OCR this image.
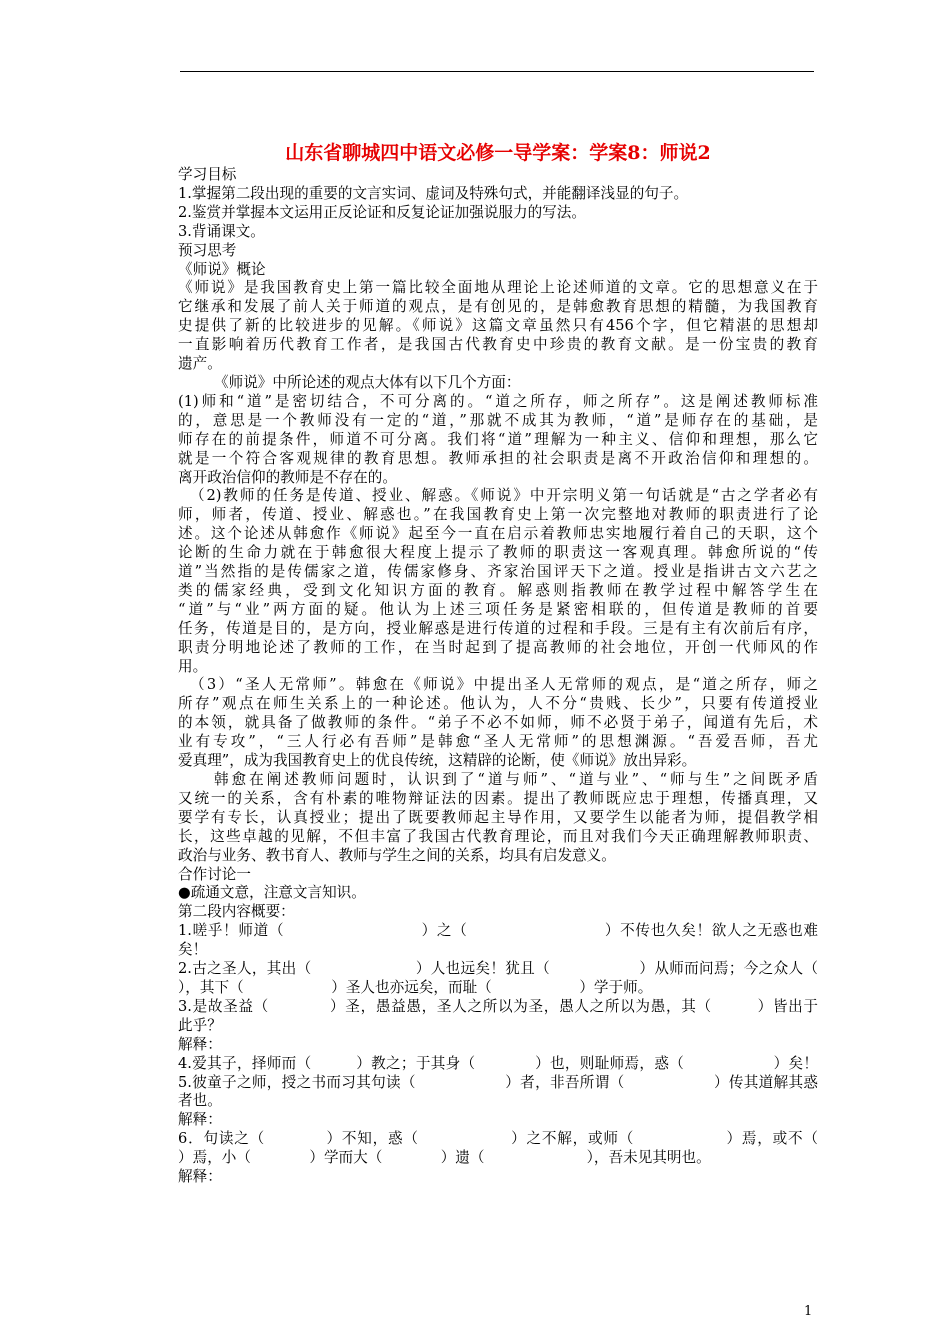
山东省聊城四中语文必修一导学案：学案8：师说2
学习目标
1.掌握第二段出现的重要的文言实词、虚词及特殊句式，并能翻译浅显的句子。
2.鉴赏并掌握本文运用正反论证和反复论证加强说服力的写法。
3.背诵课文。
预习思考
《师说》概论
《师说》是我国教育史上第一篇比较全面地从理论上论述师道的文章。它的思想意义在于
它继承和发展了前人关于师道的观点，是有创见的，是韩愈教育思想的精髓，为我国教育
史提供了新的比较进步的见解。《师说》这篇文章虽然只有456个字，但它精湛的思想却
一直影响着历代教育工作者，是我国古代教育史中珍贵的教育文献。是一份宝贵的教育
遗产。
《师说》中所论述的观点大体有以下几个方面：
(1)师和“道”是密切结合，不可分离的。“道之所存，师之所存”。这是阐述教师标准
的，意思是一个教师没有一定的“道，”那就不成其为教师，“道”是师存在的基础，是
师存在的前提条件，师道不可分离。我们将“道”理解为一种主义、信仰和理想，那么它
就是一个符合客观规律的教育思想。教师承担的社会职责是离不开政治信仰和理想的。
离开政治信仰的教师是不存在的。
（2)教师的任务是传道、授业、解惑。《师说》中开宗明义第一句话就是“古之学者必有
师，师者，传道、授业、解惑也。”在我国教育史上第一次完整地对教师的职责进行了论
述。这个论述从韩愈作《师说》起至今一直在启示着教师忠实地履行着自己的天职，这个
论断的生命力就在于韩愈很大程度上提示了教师的职责这一客观真理。韩愈所说的“传
道”当然指的是传儒家之道，传儒家修身、齐家治国评天下之道。授业是指讲古文六艺之
类的儒家经典，受到文化知识方面的教育。解惑则指教师在教学过程中解答学生在
“道”与“业”两方面的疑。他认为上述三项任务是紧密相联的，但传道是教师的首要
任务，传道是目的，是方向，授业解惑是进行传道的过程和手段。三是有主有次前后有序，
职责分明地论述了教师的工作，在当时起到了提高教师的社会地位，开创一代师风的作
用。
（3）“圣人无常师”。韩愈在《师说》中提出圣人无常师的观点，是“道之所存，师之
所存”观点在师生关系上的一种论述。他认为，人不分“贵贱、长少”，只要有传道授业
的本领，就具备了做教师的条件。“弟子不必不如师，师不必贤于弟子，闻道有先后，术
业有专攻”，“三人行必有吾师”是韩愈“圣人无常师”的思想渊源。“吾爱吾师，吾尤
爱真理”，成为我国教育史上的优良传统，这精辟的论断，使《师说》放出异彩。
韩愈在阐述教师问题时，认识到了“道与师”、“道与业”、“师与生”之间既矛盾
又统一的关系，含有朴素的唯物辩证法的因素。提出了教师既应忠于理想，传播真理，又
要学有专长，认真授业；提出了既要教师起主导作用，又要学生以能者为师，提倡教学相
长，这些卓越的见解，不但丰富了我国古代教育理论，而且对我们今天正确理解教师职责、
政治与业务、教书育人、教师与学生之间的关系，均具有启发意义。
合作讨论一
●疏通文意，注意文言知识。
第二段内容概要：
1.嗟乎！师道（　　　　　　　　　）之（　　　　　　　　　）不传也久矣！欲人之无惑也难
矣！
2.古之圣人，其出（　　　　　　　）人也远矣！犹且（　　　　　　）从师而问焉；今之众人（
），其下（　　　　　　）圣人也亦远矣，而耻（　　　　　　）学于师。
3.是故圣益（　　　　）圣，愚益愚，圣人之所以为圣，愚人之所以为愚，其（　　　）皆出于
此乎？
解释：
4.爱其子，择师而（　　　）教之；于其身（　　　　）也，则耻师焉，惑（　　　　　　）矣！
5.彼童子之师，授之书而习其句读（　　　　　　）者，非吾所谓（　　　　　　）传其道解其惑
者也。
解释：
6．句读之（　　　　）不知，惑（　　　　　　）之不解，或师（　　　　　　）焉，或不（
）焉，小（　　　　）学而大（　　　　）遗（　　　　　　　），吾未见其明也。
解释：
1
